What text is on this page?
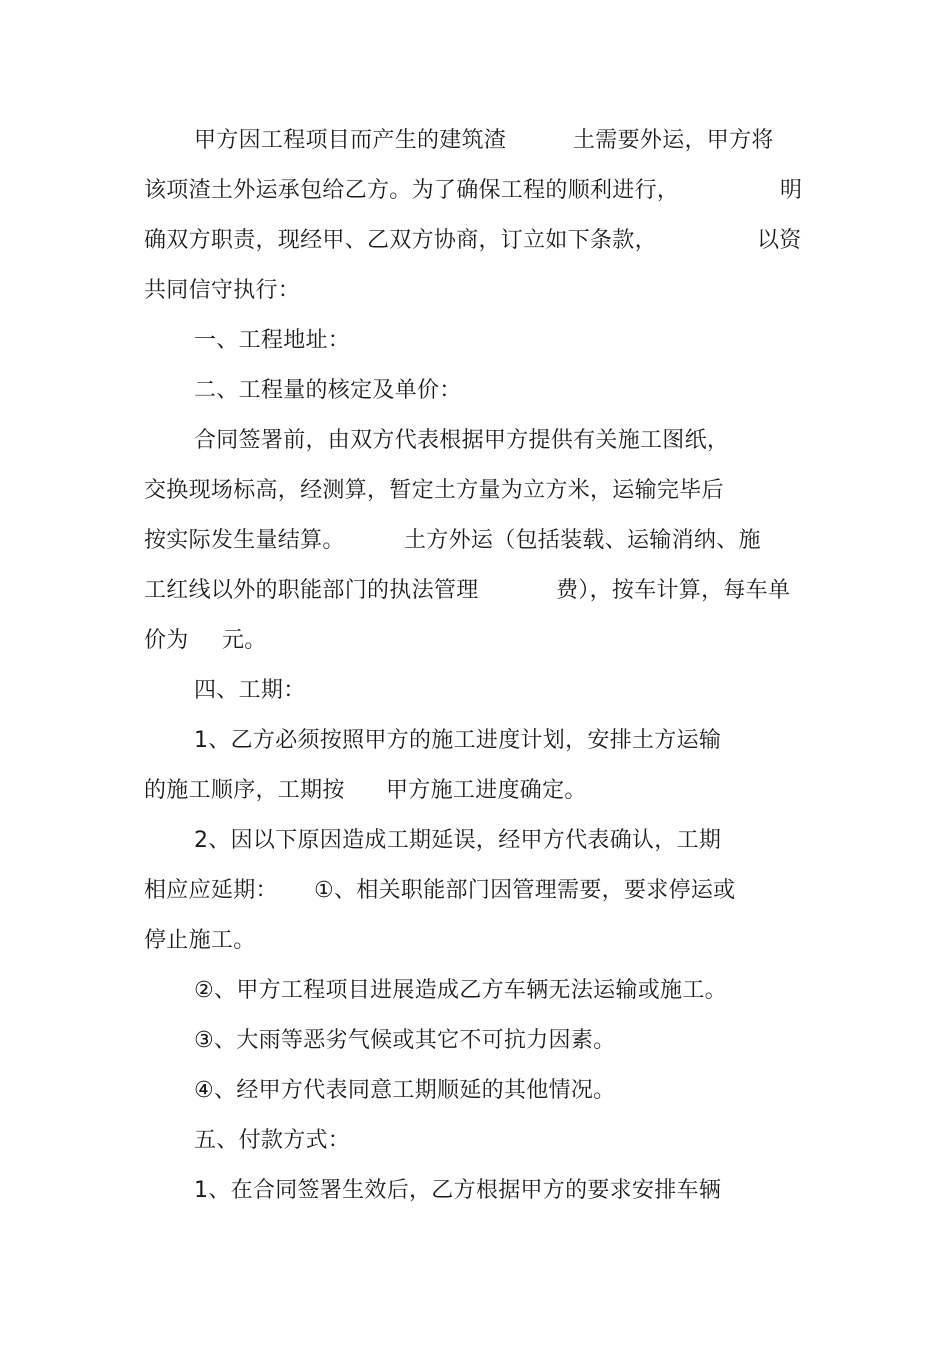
甲方因工程项目而产生的建筑渣	土需要外运，甲方将
该项渣土外运承包给乙方。为了确保工程的顺利进行，	明
确双方职责，现经甲、乙双方协商，订立如下条款，	以资
共同信守执行：
一、工程地址：
二、工程量的核定及单价：
合同签署前，由双方代表根据甲方提供有关施工图纸，
交换现场标高，经测算，暂定土方量为立方米，运输完毕后
按实际发生量结算。	土方外运（包括装载、运输消纳、施
工红线以外的职能部门的执法管理	费），按车计算，每车单
价为 元。
四、工期：
1、乙方必须按照甲方的施工进度计划，安排土方运输
的施工顺序，工期按 甲方施工进度确定。
2、因以下原因造成工期延误，经甲方代表确认，工期
相应应延期： ①、相关职能部门因管理需要，要求停运或
停止施工。
②、甲方工程项目进展造成乙方车辆无法运输或施工。
③、大雨等恶劣气候或其它不可抗力因素。
④、经甲方代表同意工期顺延的其他情况。
五、付款方式：
1、在合同签署生效后，乙方根据甲方的要求安排车辆
